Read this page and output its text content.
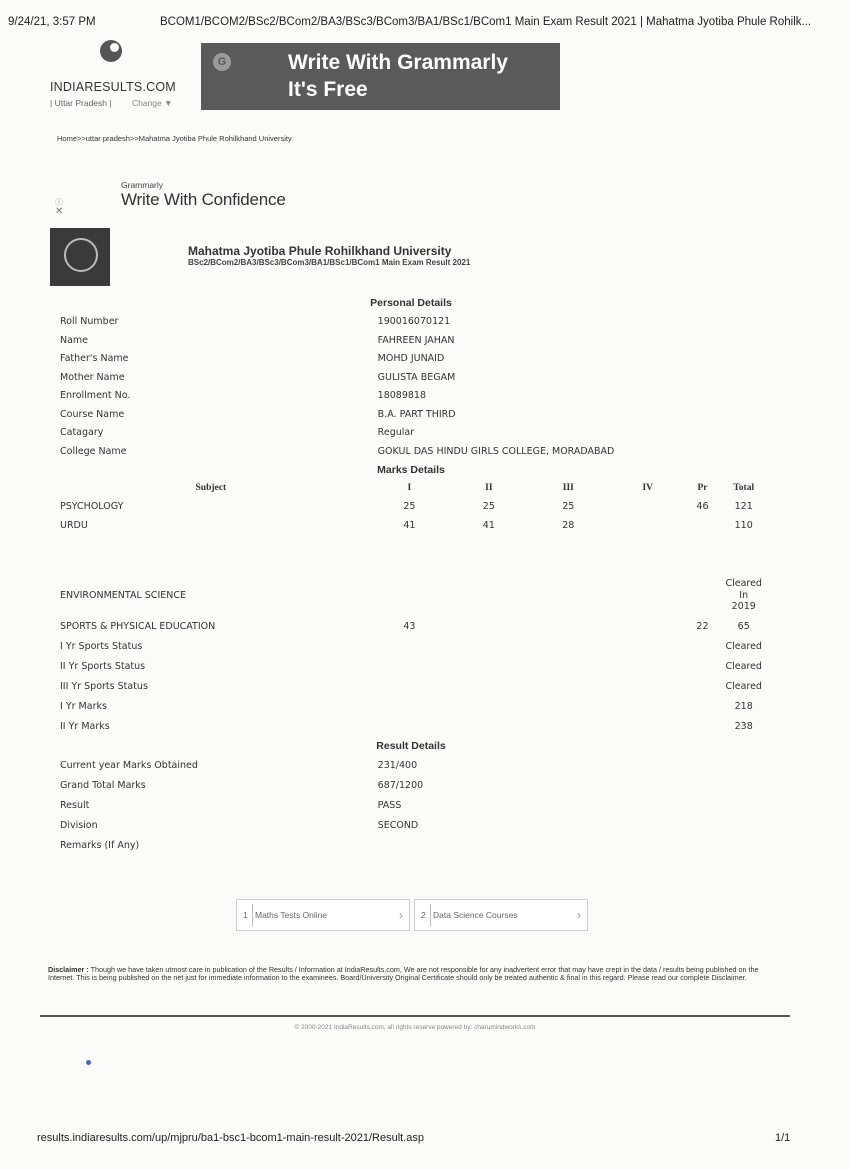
9/24/21, 3:57 PM	BCOM1/BCOM2/BSc2/BCom2/BA3/BSc3/BCom3/BA1/BSc1/BCom1 Main Exam Result 2021 | Mahatma Jyotiba Phule Rohilk...
INDIARESULTS.COM
| Uttar Pradesh | Change ▼
G	Write With Grammarly
It's Free
Home>>uttar pradesh>>Mahatma Jyotiba Phule Rohilkhand University
Grammarly
Write With Confidence
ⓘ
✕
Mahatma Jyotiba Phule Rohilkhand University
BSc2/BCom2/BA3/BSc3/BCom3/BA1/BSc1/BCom1 Main Exam Result 2021
Personal Details						
Roll Number	190016070121					
Name	FAHREEN JAHAN					
Father's Name	MOHD JUNAID					
Mother Name	GULISTA BEGAM					
Enrollment No.	18089818					
Course Name	B.A. PART THIRD					
Catagary	Regular					
College Name	GOKUL DAS HINDU GIRLS COLLEGE, MORADABAD					
Marks Details						
Subject	I	II	III	IV	Pr	Total
PSYCHOLOGY	25	25	25		46	121
URDU	41	41	28			110

ENVIRONMENTAL SCIENCE						Cleared
In
2019
SPORTS & PHYSICAL EDUCATION	43				22	65
I Yr Sports Status						Cleared
II Yr Sports Status						Cleared
III Yr Sports Status						Cleared
I Yr Marks						218
II Yr Marks						238
Result Details						
Current year Marks Obtained	231/400					
Grand Total Marks	687/1200					
Result	PASS					
Division	SECOND					
Remarks (If Any)						
1 Maths Tests Online	› 2 Data Science Courses	›
Disclaimer : Though we have taken utmost care in publication of the Results / Information at IndiaResults.com, We are not responsible for any inadvertent error that may have crept in the data / results being published on the Internet. This is being published on the net just for immediate information to the examinees. Board/University Original Certificate should only be treated authentic & final in this regard. Please read our complete Disclaimer.
© 2000-2021 IndiaResults.com, all rights reserve powered by: charumindworks.com
results.indiaresults.com/up/mjpru/ba1-bsc1-bcom1-main-result-2021/Result.asp	1/1
